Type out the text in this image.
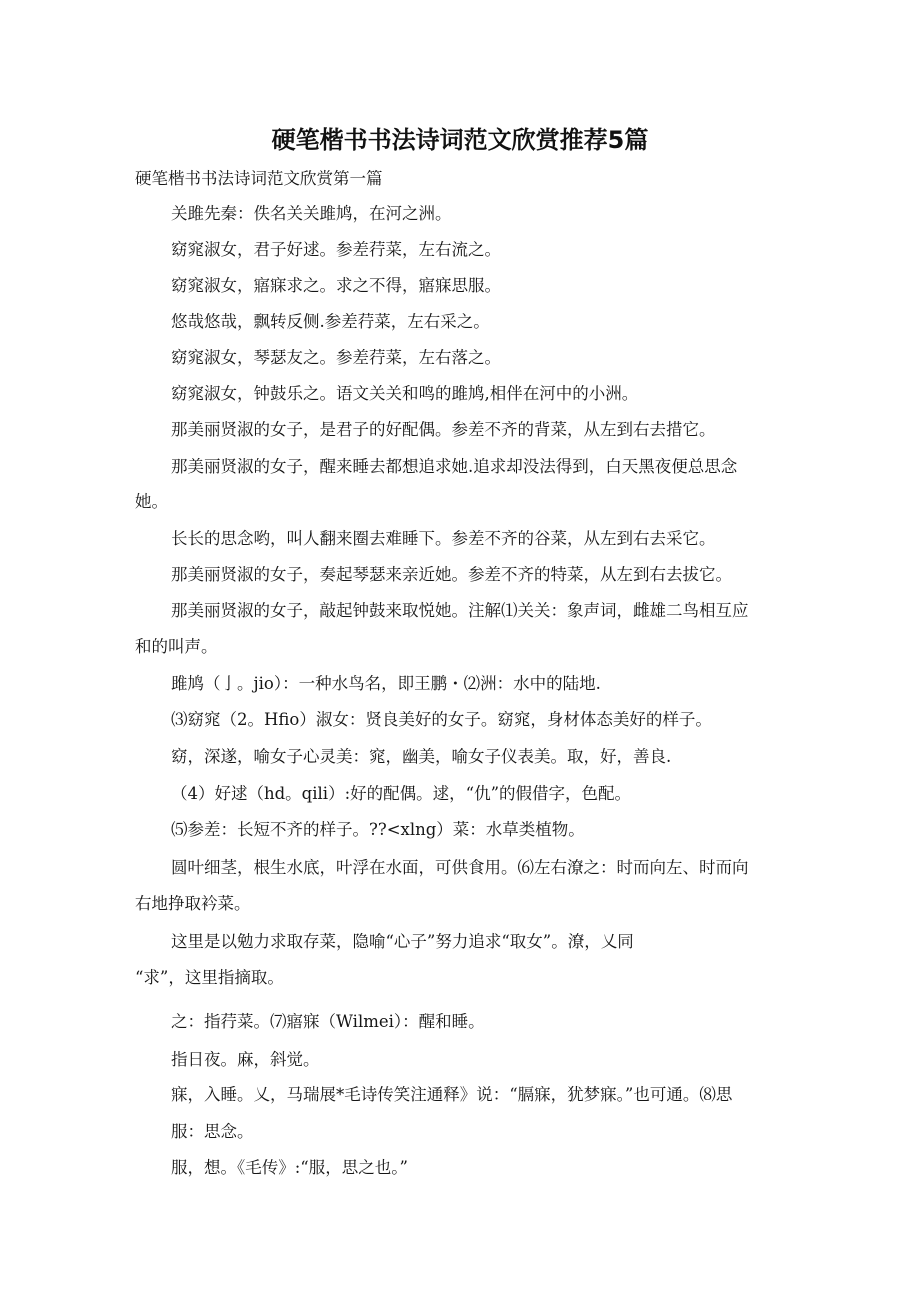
硬笔楷书书法诗词范文欣赏推荐5篇
硬笔楷书书法诗词范文欣赏第一篇
关雎先秦：佚名关关雎鸠，在河之洲。
窈窕淑女，君子好逑。参差荇菜，左右流之。
窈窕淑女，寤寐求之。求之不得，寤寐思服。
悠哉悠哉，飘转反侧.参差荇菜，左右采之。
窈窕淑女，琴瑟友之。参差荇菜，左右落之。
窈窕淑女，钟鼓乐之。语文关关和鸣的雎鸠,相伴在河中的小洲。
那美丽贤淑的女子，是君子的好配偶。参差不齐的背菜，从左到右去措它。
那美丽贤淑的女子，醒来睡去都想追求她.追求却没法得到，白天黑夜便总思念
她。
长长的思念哟，叫人翻来圈去难睡下。参差不齐的谷菜，从左到右去采它。
那美丽贤淑的女子，奏起琴瑟来亲近她。参差不齐的特菜，从左到右去拔它。
那美丽贤淑的女子，敲起钟鼓来取悦她。注解⑴关关：象声词，雌雄二鸟相互应
和的叫声。
雎鸠（亅。jio）：一种水鸟名，即王鹏・⑵洲：水中的陆地.
⑶窈窕（2。Hfio）淑女：贤良美好的女子。窈窕，身材体态美好的样子。
窈，深遂，喻女子心灵美：窕，幽美，喻女子仪表美。取，好，善良.
（4）好逑（hd。qili）:好的配偶。逑，“仇”的假借字，色配。
⑸参差：长短不齐的样子。??<xlng）菜：水草类植物。
圆叶细茎，根生水底，叶浮在水面，可供食用。⑹左右潦之：时而向左、时而向
右地挣取衿菜。
这里是以勉力求取存菜，隐喻“心子”努力追求“取女”。潦，乂同
“求”，这里指摘取。
之：指荇菜。⑺寤寐（Wilmei）：醒和睡。
指日夜。麻，斜觉。
寐，入睡。乂，马瑞展*毛诗传笑注通释》说：“膈寐，犹梦寐。”也可通。⑻思
服：思念。
服，想。《毛传》:“服，思之也。”
